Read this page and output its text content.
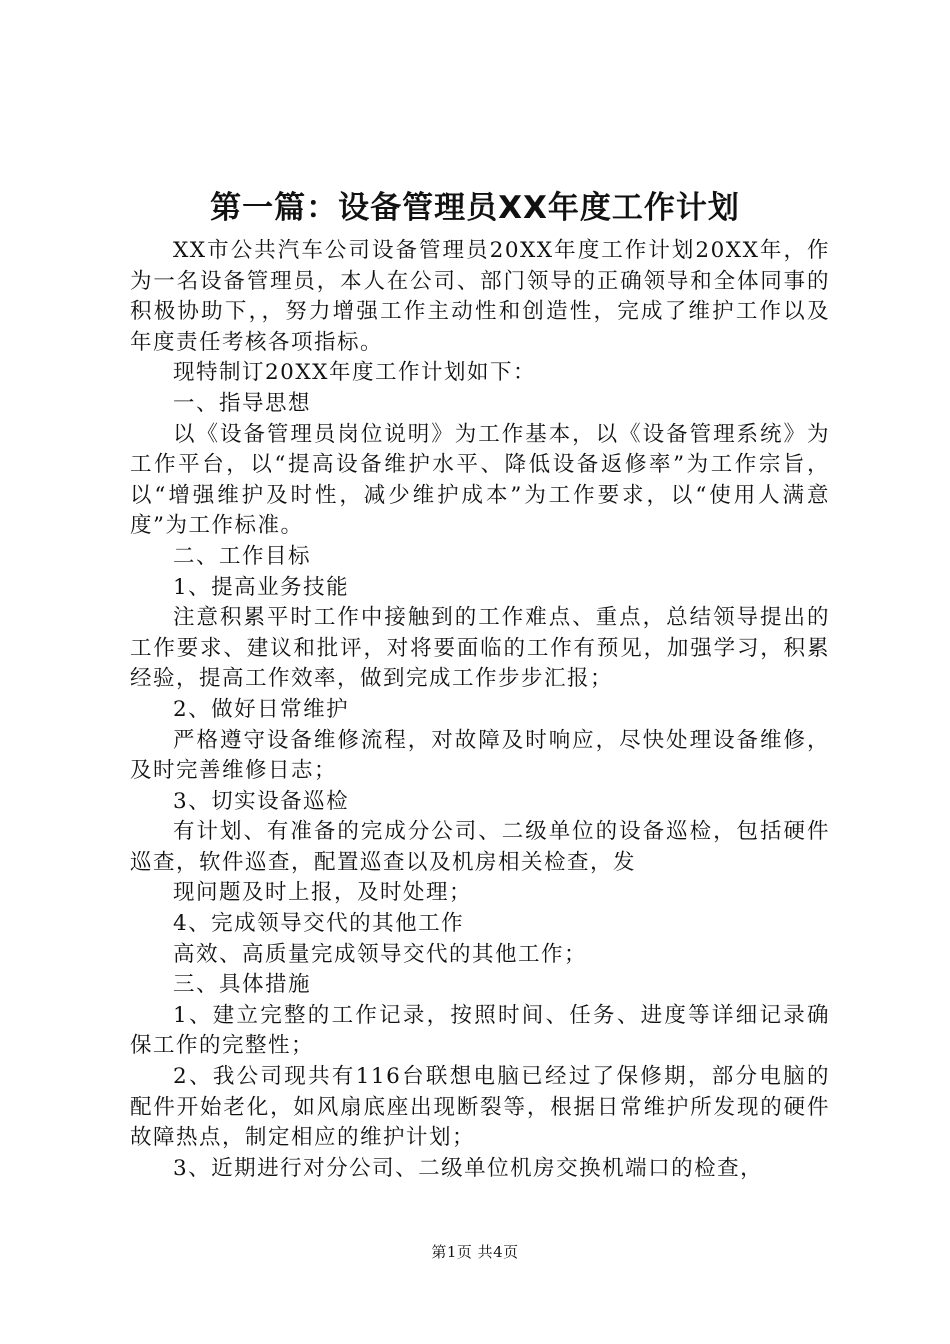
第一篇：设备管理员XX年度工作计划

XX市公共汽车公司设备管理员20XX年度工作计划20XX年，作为一名设备管理员，本人在公司、部门领导的正确领导和全体同事的积极协助下，，努力增强工作主动性和创造性，完成了维护工作以及年度责任考核各项指标。

现特制订20XX年度工作计划如下：

一、指导思想

以《设备管理员岗位说明》为工作基本，以《设备管理系统》为工作平台，以“提高设备维护水平、降低设备返修率”为工作宗旨，以“增强维护及时性，减少维护成本”为工作要求，以“使用人满意度”为工作标准。

二、工作目标

1、提高业务技能

注意积累平时工作中接触到的工作难点、重点，总结领导提出的工作要求、建议和批评，对将要面临的工作有预见，加强学习，积累经验，提高工作效率，做到完成工作步步汇报；

2、做好日常维护

严格遵守设备维修流程，对故障及时响应，尽快处理设备维修，及时完善维修日志；

3、切实设备巡检

有计划、有准备的完成分公司、二级单位的设备巡检，包括硬件巡查，软件巡查，配置巡查以及机房相关检查，发

现问题及时上报，及时处理；

4、完成领导交代的其他工作

高效、高质量完成领导交代的其他工作；

三、具体措施

1、建立完整的工作记录，按照时间、任务、进度等详细记录确保工作的完整性；

2、我公司现共有116台联想电脑已经过了保修期，部分电脑的配件开始老化，如风扇底座出现断裂等，根据日常维护所发现的硬件故障热点，制定相应的维护计划；

3、近期进行对分公司、二级单位机房交换机端口的检查，

第1页 共4页
